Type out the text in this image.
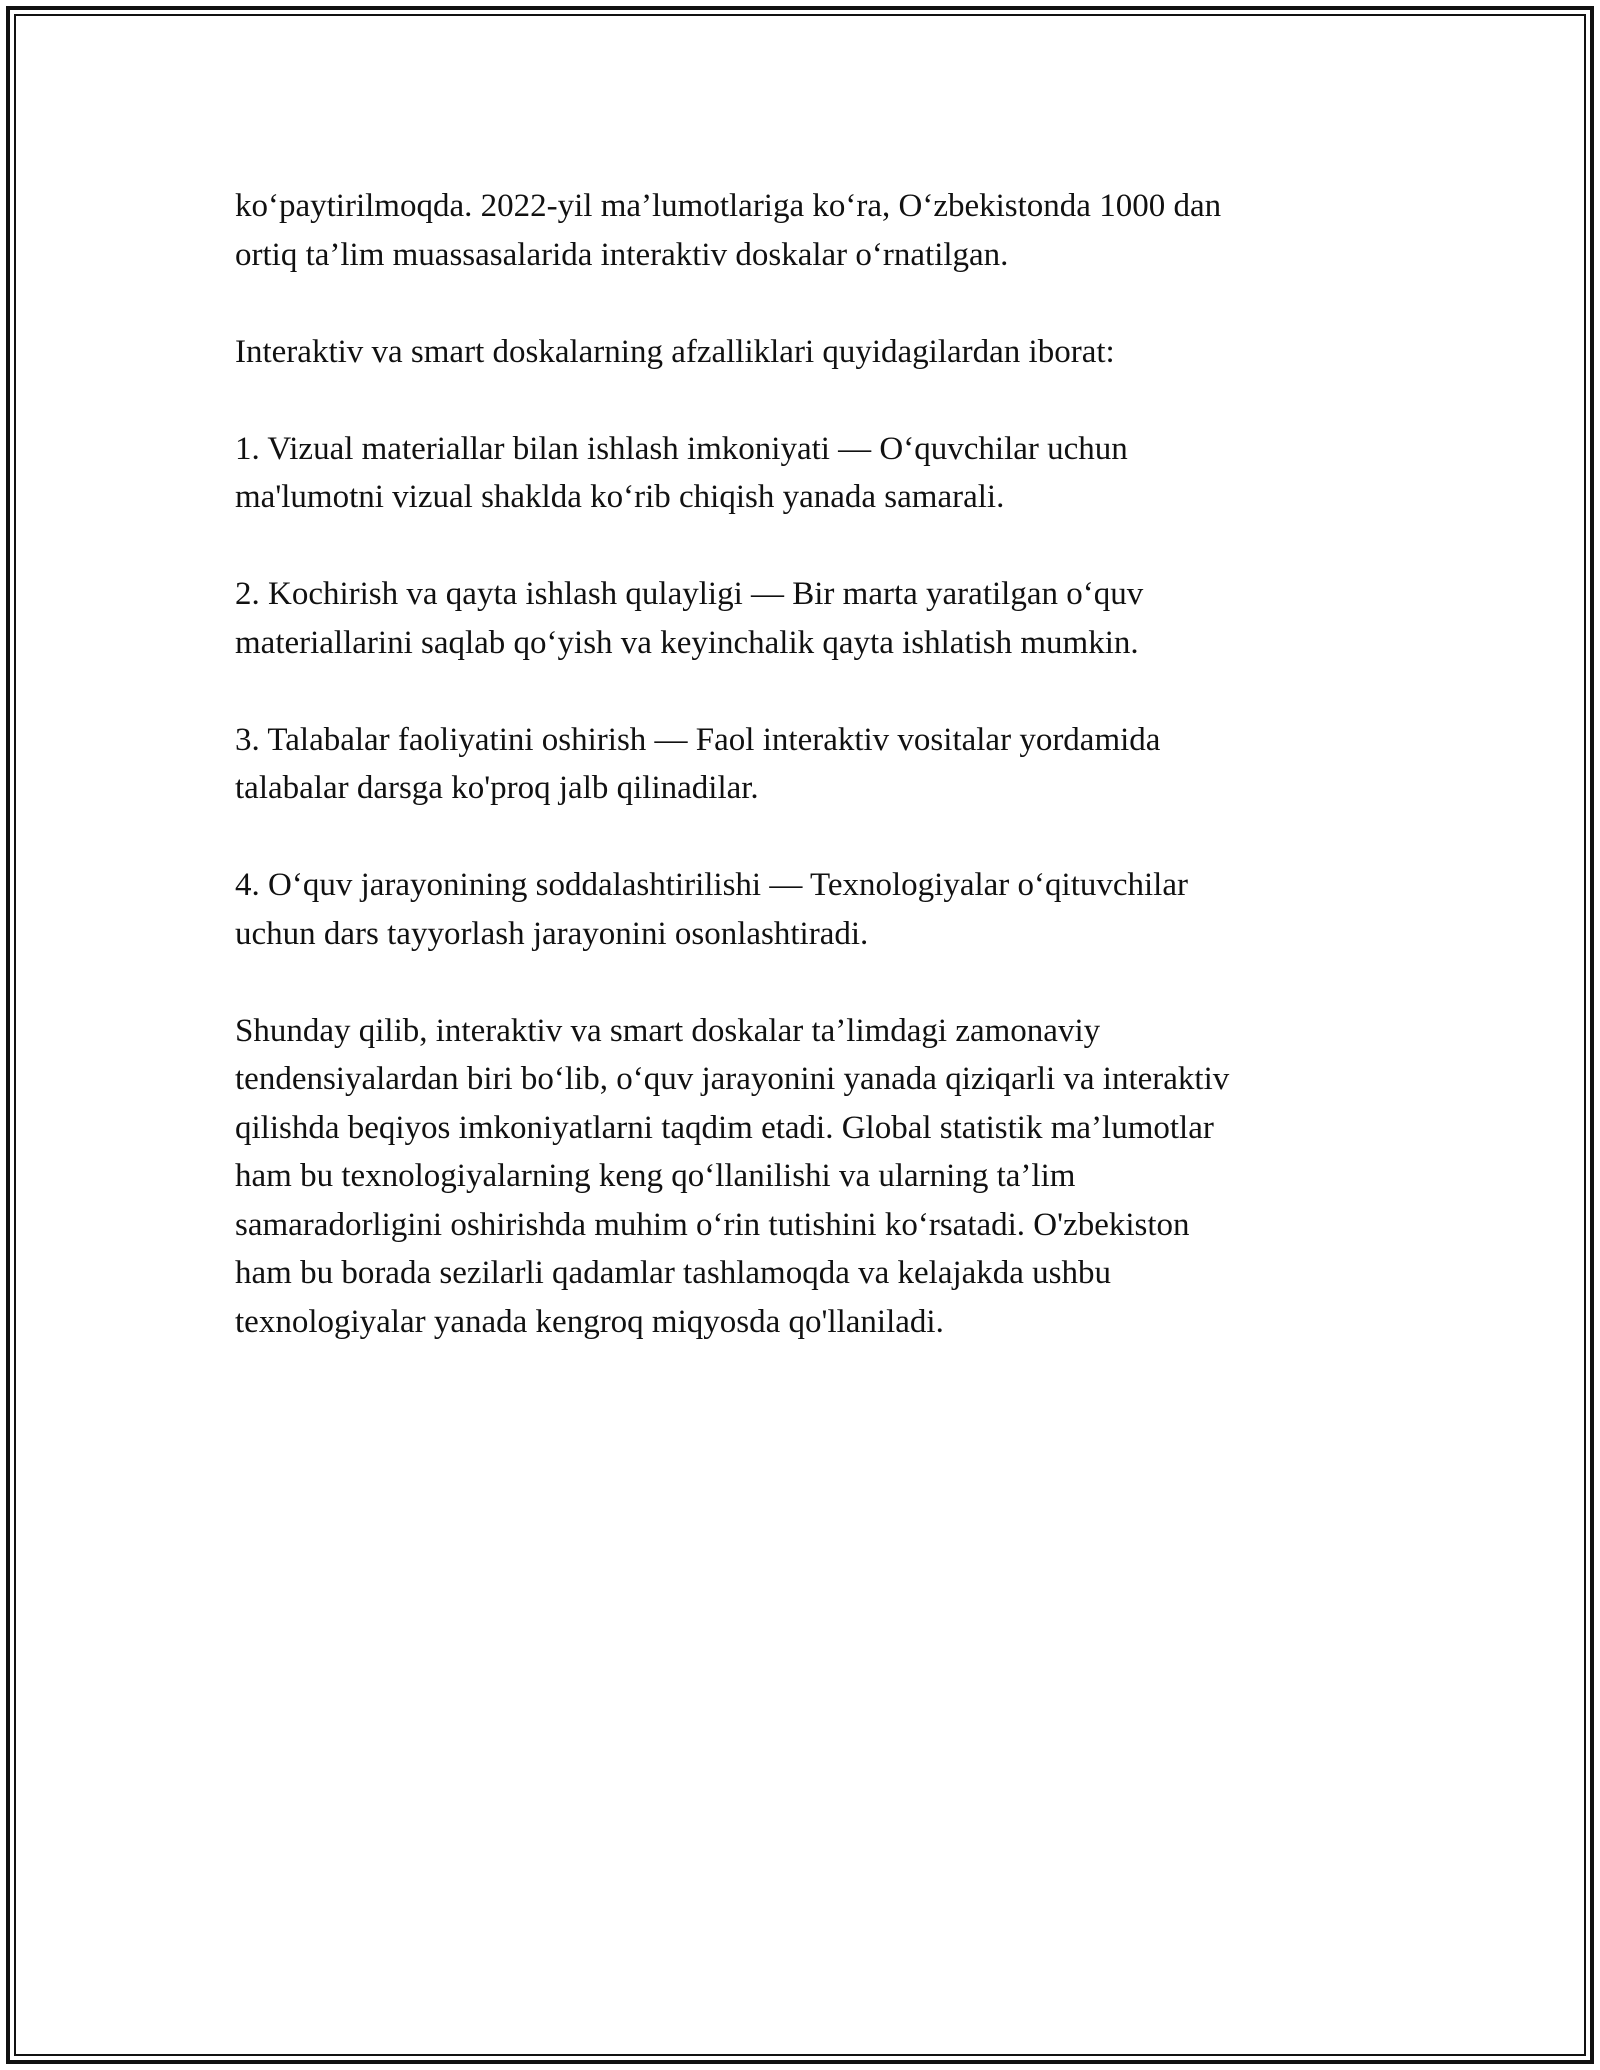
ko‘paytirilmoqda. 2022-yil ma’lumotlariga ko‘ra, O‘zbekistonda 1000 dan
ortiq ta’lim muassasalarida interaktiv doskalar o‘rnatilgan.

Interaktiv va smart doskalarning afzalliklari quyidagilardan iborat:

1. Vizual materiallar bilan ishlash imkoniyati — O‘quvchilar uchun
ma'lumotni vizual shaklda ko‘rib chiqish yanada samarali.

2. Kochirish va qayta ishlash qulayligi — Bir marta yaratilgan o‘quv
materiallarini saqlab qo‘yish va keyinchalik qayta ishlatish mumkin.

3. Talabalar faoliyatini oshirish — Faol interaktiv vositalar yordamida
talabalar darsga ko'proq jalb qilinadilar.

4. O‘quv jarayonining soddalashtirilishi — Texnologiyalar o‘qituvchilar
uchun dars tayyorlash jarayonini osonlashtiradi.

Shunday qilib, interaktiv va smart doskalar ta’limdagi zamonaviy
tendensiyalardan biri bo‘lib, o‘quv jarayonini yanada qiziqarli va interaktiv
qilishda beqiyos imkoniyatlarni taqdim etadi. Global statistik ma’lumotlar
ham bu texnologiyalarning keng qo‘llanilishi va ularning ta’lim
samaradorligini oshirishda muhim o‘rin tutishini ko‘rsatadi. O'zbekiston
ham bu borada sezilarli qadamlar tashlamoqda va kelajakda ushbu
texnologiyalar yanada kengroq miqyosda qo'llaniladi.
